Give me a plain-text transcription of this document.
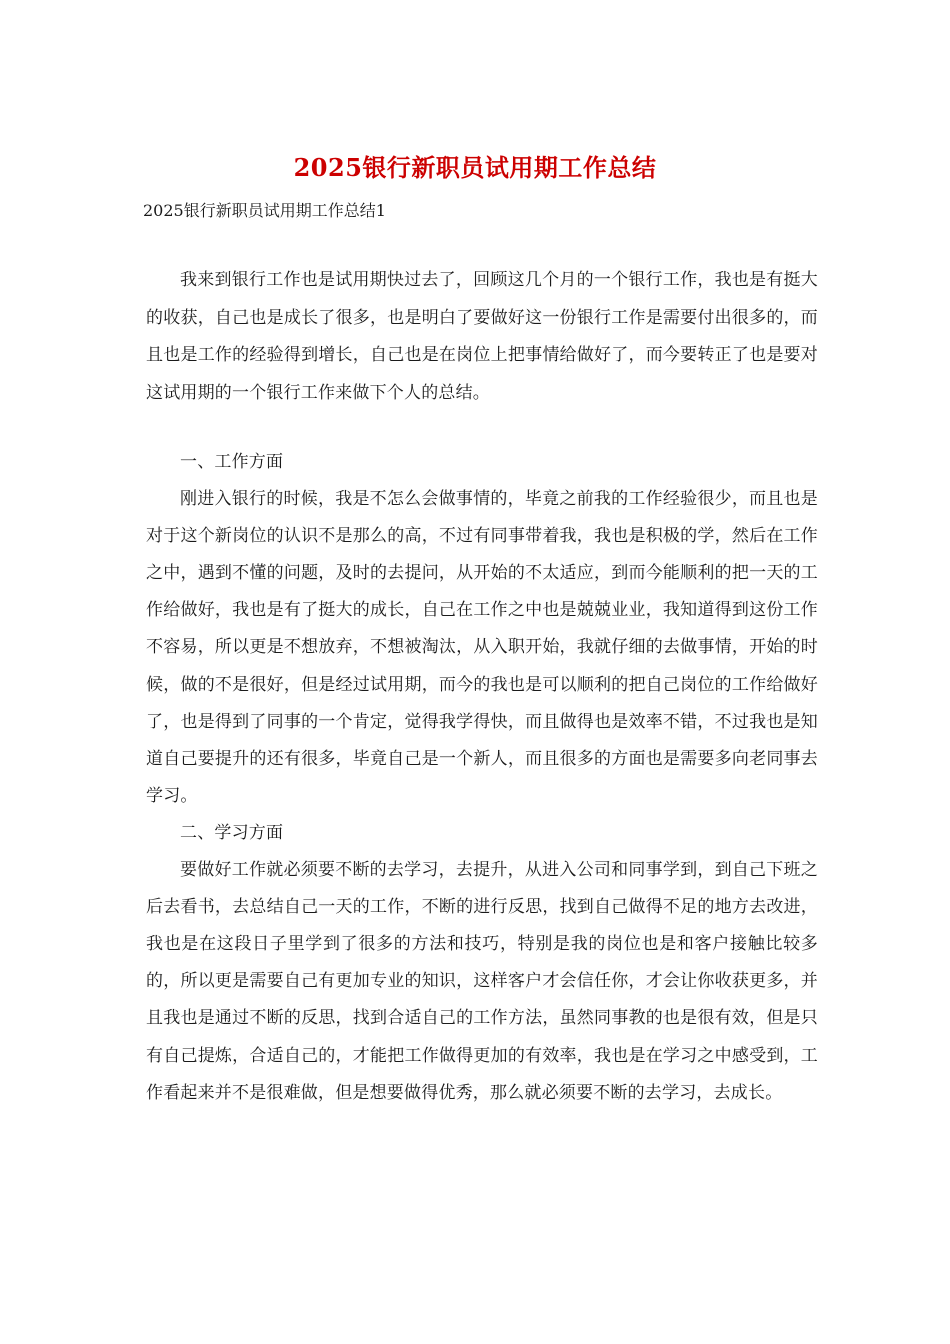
2025银行新职员试用期工作总结
2025银行新职员试用期工作总结1

我来到银行工作也是试用期快过去了，回顾这几个月的一个银行工作，我也是有挺大的收获，自己也是成长了很多，也是明白了要做好这一份银行工作是需要付出很多的，而且也是工作的经验得到增长，自己也是在岗位上把事情给做好了，而今要转正了也是要对这试用期的一个银行工作来做下个人的总结。

一、工作方面

刚进入银行的时候，我是不怎么会做事情的，毕竟之前我的工作经验很少，而且也是对于这个新岗位的认识不是那么的高，不过有同事带着我，我也是积极的学，然后在工作之中，遇到不懂的问题，及时的去提问，从开始的不太适应，到而今能顺利的把一天的工作给做好，我也是有了挺大的成长，自己在工作之中也是兢兢业业，我知道得到这份工作不容易，所以更是不想放弃，不想被淘汰，从入职开始，我就仔细的去做事情，开始的时候，做的不是很好，但是经过试用期，而今的我也是可以顺利的把自己岗位的工作给做好了，也是得到了同事的一个肯定，觉得我学得快，而且做得也是效率不错，不过我也是知道自己要提升的还有很多，毕竟自己是一个新人，而且很多的方面也是需要多向老同事去学习。

二、学习方面

要做好工作就必须要不断的去学习，去提升，从进入公司和同事学到，到自己下班之后去看书，去总结自己一天的工作，不断的进行反思，找到自己做得不足的地方去改进，我也是在这段日子里学到了很多的方法和技巧，特别是我的岗位也是和客户接触比较多的，所以更是需要自己有更加专业的知识，这样客户才会信任你，才会让你收获更多，并且我也是通过不断的反思，找到合适自己的工作方法，虽然同事教的也是很有效，但是只有自己提炼，合适自己的，才能把工作做得更加的有效率，我也是在学习之中感受到，工作看起来并不是很难做，但是想要做得优秀，那么就必须要不断的去学习，去成长。
